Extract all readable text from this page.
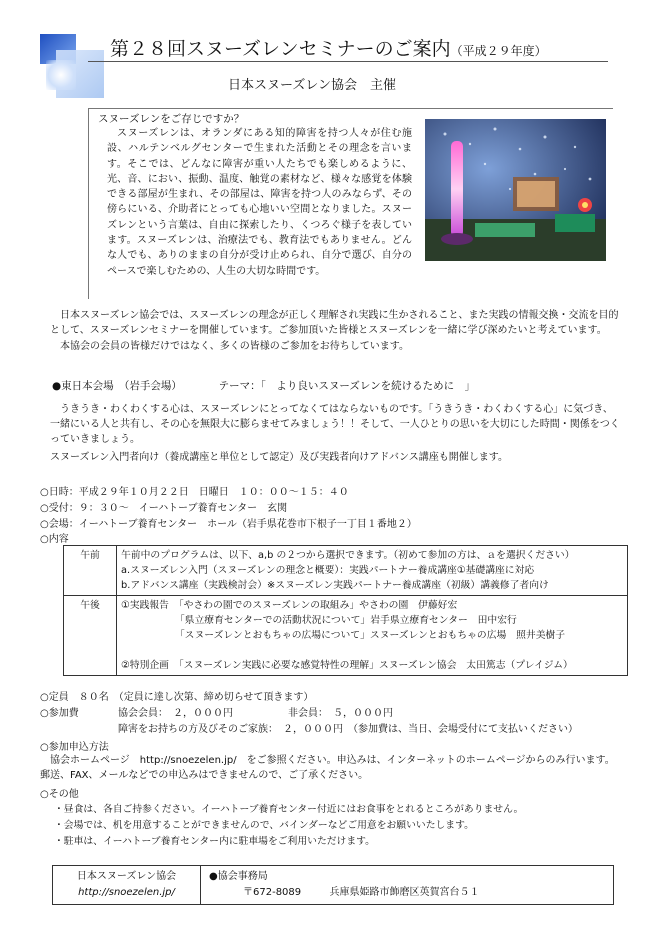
第２８回スヌーズレンセミナーのご案内（平成２９年度）
日本スヌーズレン協会　主催
スヌーズレンをご存じですか？
スヌーズレンは、オランダにある知的障害を持つ人々が住む施設、ハルテンベルグセンターで生まれた活動とその理念を言います。そこでは、どんなに障害が重い人たちでも楽しめるように、光、音、におい、振動、温度、触覚の素材など、様々な感覚を体験できる部屋が生まれ、その部屋は、障害を持つ人のみならず、その傍らにいる、介助者にとっても心地いい空間となりました。スヌーズレンという言葉は、自由に探索したり、くつろぐ様子を表しています。スヌーズレンは、治療法でも、教育法でもありません。どんな人でも、ありのままの自分が受け止められ、自分で選び、自分のペースで楽しむための、人生の大切な時間です。
日本スヌーズレン協会では、スヌーズレンの理念が正しく理解され実践に生かされること、また実践の情報交換・交流を目的として、スヌーズレンセミナーを開催しています。ご参加頂いた皆様とスヌーズレンを一緒に学び深めたいと考えています。
本協会の会員の皆様だけではなく、多くの皆様のご参加をお待ちしています。
●東日本会場　（岩手会場）　　　　テーマ：「　より良いスヌーズレンを続けるために　」
うきうき・わくわくする心は、スヌーズレンにとってなくてはならないものです。「うきうき・わくわくする心」に気づき、一緒にいる人と共有し、その心を無限大に膨らませてみましょう！！そして、一人ひとりの思いを大切にした時間・関係をつくっていきましょう。
スヌーズレン入門者向け（養成講座と単位として認定）及び実践者向けアドバンス講座も開催します。
○日時：平成２９年１０月２２日　日曜日　１０：００～１５：４０
○受付：９：３０～　イーハトーブ養育センター　玄関
○会場：イーハトーブ養育センター　ホール（岩手県花巻市下根子一丁目１番地２）
○内容
午前	午前中のプログラムは、以下、a,b の２つから選択できます。（初めて参加の方は、ａを選択ください）
a.スヌーズレン入門（スヌーズレンの理念と概要）：実践パートナー養成講座①基礎講座に対応
b.アドバンス講座（実践検討会）※スヌーズレン実践パートナー養成講座（初級）講義修了者向け

午後	①実践報告　「やさわの園でのスヌーズレンの取組み」やさわの園　伊藤好宏
　　　　　　「県立療育センターでの活動状況について」岩手県立療育センター　田中宏行
　　　　　　「スヌーズレンとおもちゃの広場について」スヌーズレンとおもちゃの広場　照井美樹子
②特別企画　「スヌーズレン実践に必要な感覚特性の理解」スヌーズレン協会　太田篤志（プレイジム）
○定員　８０名　（定員に達し次第、締め切らせて頂きます）
○参加費	協会会員：　２，０００円	非会員：　５，０００円
障害をお持ちの方及びそのご家族：　２，０００円　（参加費は、当日、会場受付にて支払いください）
○参加申込方法
協会ホームページ　http://snoezelen.jp/　をご参照ください。申込みは、インターネットのホームページからのみ行います。郵送、FAX、メールなどでの申込みはできませんので、ご了承ください。
○その他
・昼食は、各自ご持参ください。イーハトーブ養育センター付近にはお食事をとれるところがありません。
・会場では、机を用意することができませんので、バインダーなどご用意をお願いいたします。
・駐車は、イーハトーブ養育センター内に駐車場をご利用いただけます。
日本スヌーズレン協会
http://snoezelen.jp/
●協会事務局
〒672-8089	兵庫県姫路市飾磨区英賀宮台５１
